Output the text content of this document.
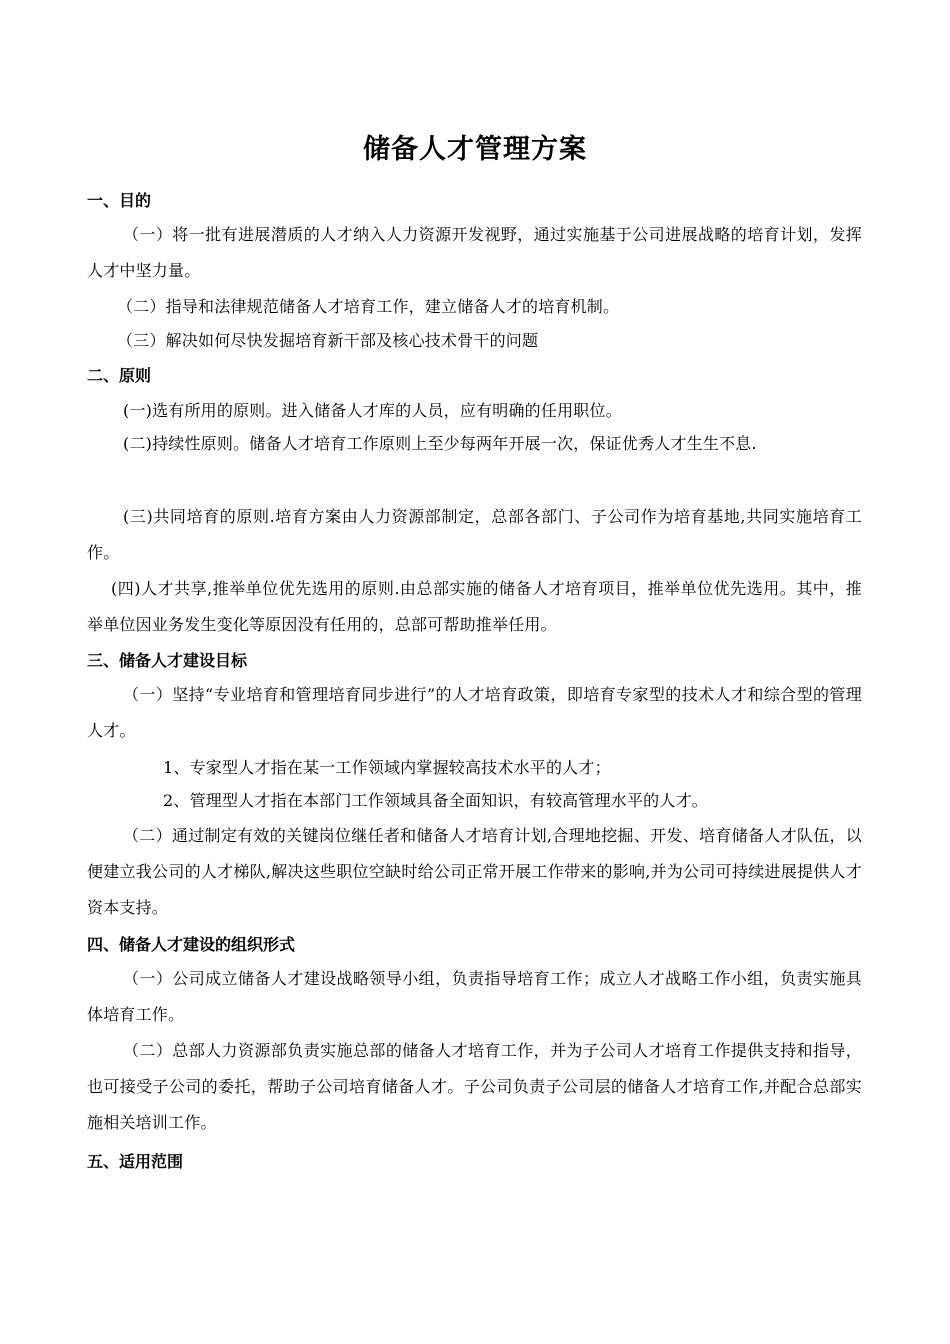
储备人才管理方案
一、目的
（一）将一批有进展潜质的人才纳入人力资源开发视野，通过实施基于公司进展战略的培育计划，发挥人才中坚力量。
（二）指导和法律规范储备人才培育工作，建立储备人才的培育机制。
（三）解决如何尽快发掘培育新干部及核心技术骨干的问题
二、原则
(一)选有所用的原则。进入储备人才库的人员，应有明确的任用职位。
(二)持续性原则。储备人才培育工作原则上至少每两年开展一次，保证优秀人才生生不息.
(三)共同培育的原则.培育方案由人力资源部制定，总部各部门、子公司作为培育基地,共同实施培育工作。
(四)人才共享,推举单位优先选用的原则.由总部实施的储备人才培育项目，推举单位优先选用。其中，推举单位因业务发生变化等原因没有任用的，总部可帮助推举任用。
三、储备人才建设目标
（一）坚持“专业培育和管理培育同步进行”的人才培育政策，即培育专家型的技术人才和综合型的管理人才。
1、专家型人才指在某一工作领域内掌握较高技术水平的人才；
2、管理型人才指在本部门工作领域具备全面知识，有较高管理水平的人才。
（二）通过制定有效的关键岗位继任者和储备人才培育计划,合理地挖掘、开发、培育储备人才队伍，以便建立我公司的人才梯队,解决这些职位空缺时给公司正常开展工作带来的影响,并为公司可持续进展提供人才资本支持。
四、储备人才建设的组织形式
（一）公司成立储备人才建设战略领导小组，负责指导培育工作；成立人才战略工作小组，负责实施具体培育工作。
（二）总部人力资源部负责实施总部的储备人才培育工作，并为子公司人才培育工作提供支持和指导，也可接受子公司的委托，帮助子公司培育储备人才。子公司负责子公司层的储备人才培育工作,并配合总部实施相关培训工作。
五、适用范围
